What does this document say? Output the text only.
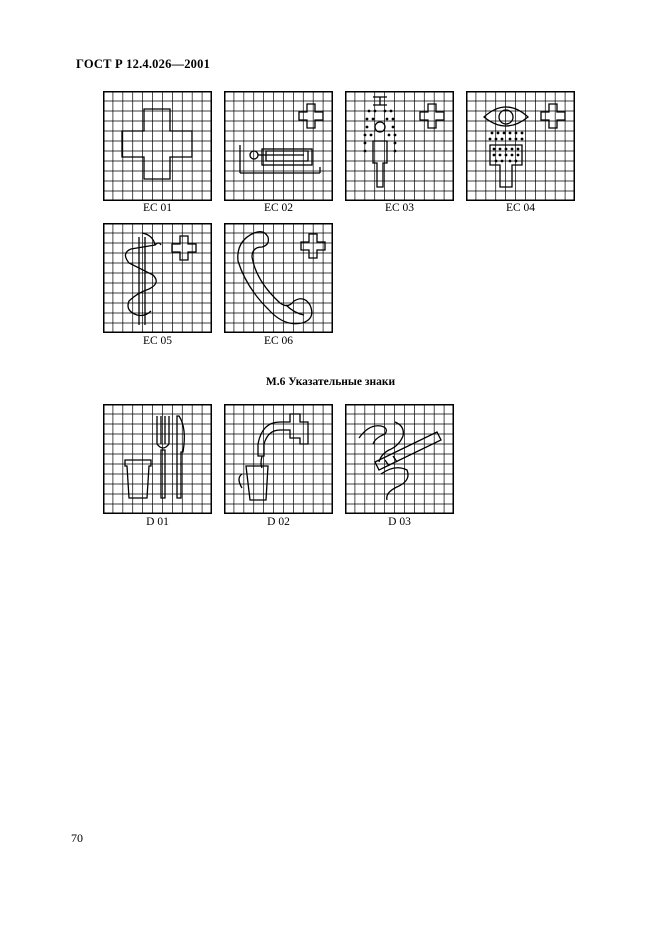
ГОСТ Р 12.4.026—2001
EC 01	EC 02	EC 03	EC 04
EC 05	EC 06
М.6 Указательные знаки
D 01	D 02	D 03
70
